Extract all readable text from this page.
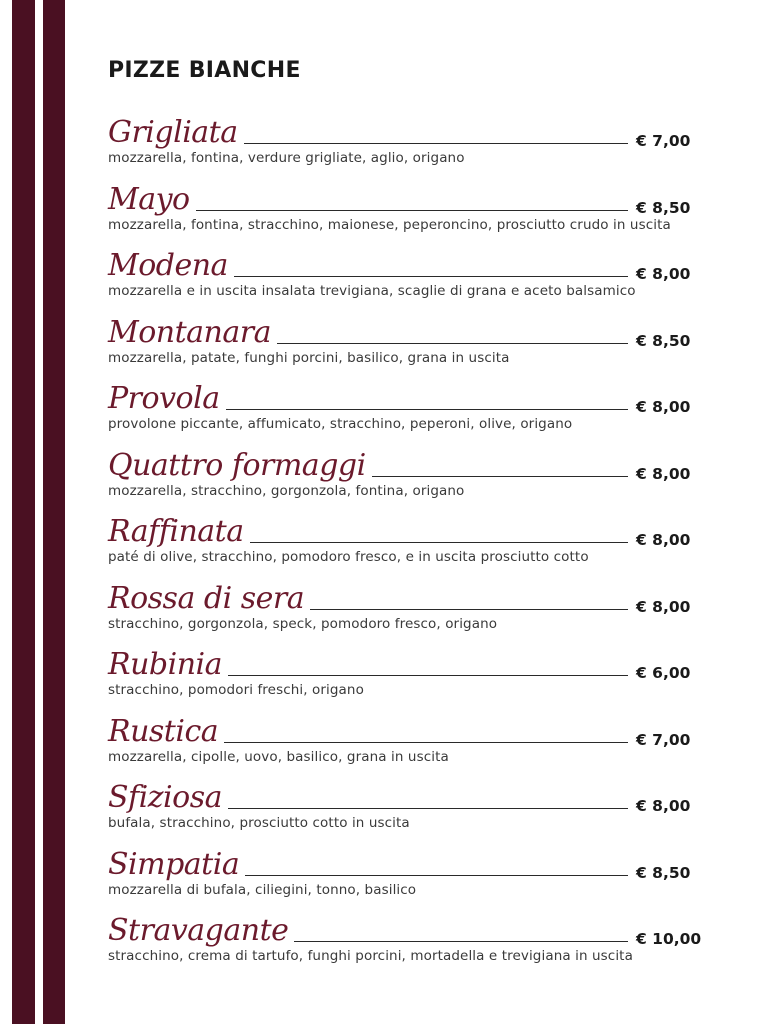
PIZZE BIANCHE
Grigliata	€ 7,00
mozzarella, fontina, verdure grigliate, aglio, origano
Mayo	€ 8,50
mozzarella, fontina, stracchino, maionese, peperoncino, prosciutto crudo in uscita
Modena	€ 8,00
mozzarella e in uscita insalata trevigiana, scaglie di grana e aceto balsamico
Montanara	€ 8,50
mozzarella, patate, funghi porcini, basilico, grana in uscita
Provola	€ 8,00
provolone piccante, affumicato, stracchino, peperoni, olive, origano
Quattro formaggi	€ 8,00
mozzarella, stracchino, gorgonzola, fontina, origano
Raffinata	€ 8,00
paté di olive, stracchino, pomodoro fresco, e in uscita prosciutto cotto
Rossa di sera	€ 8,00
stracchino, gorgonzola, speck, pomodoro fresco, origano
Rubinia	€ 6,00
stracchino, pomodori freschi, origano
Rustica	€ 7,00
mozzarella, cipolle, uovo, basilico, grana in uscita
Sfiziosa	€ 8,00
bufala, stracchino, prosciutto cotto in uscita
Simpatia	€ 8,50
mozzarella di bufala, ciliegini, tonno, basilico
Stravagante	€ 10,00
stracchino, crema di tartufo, funghi porcini, mortadella e trevigiana in uscita
